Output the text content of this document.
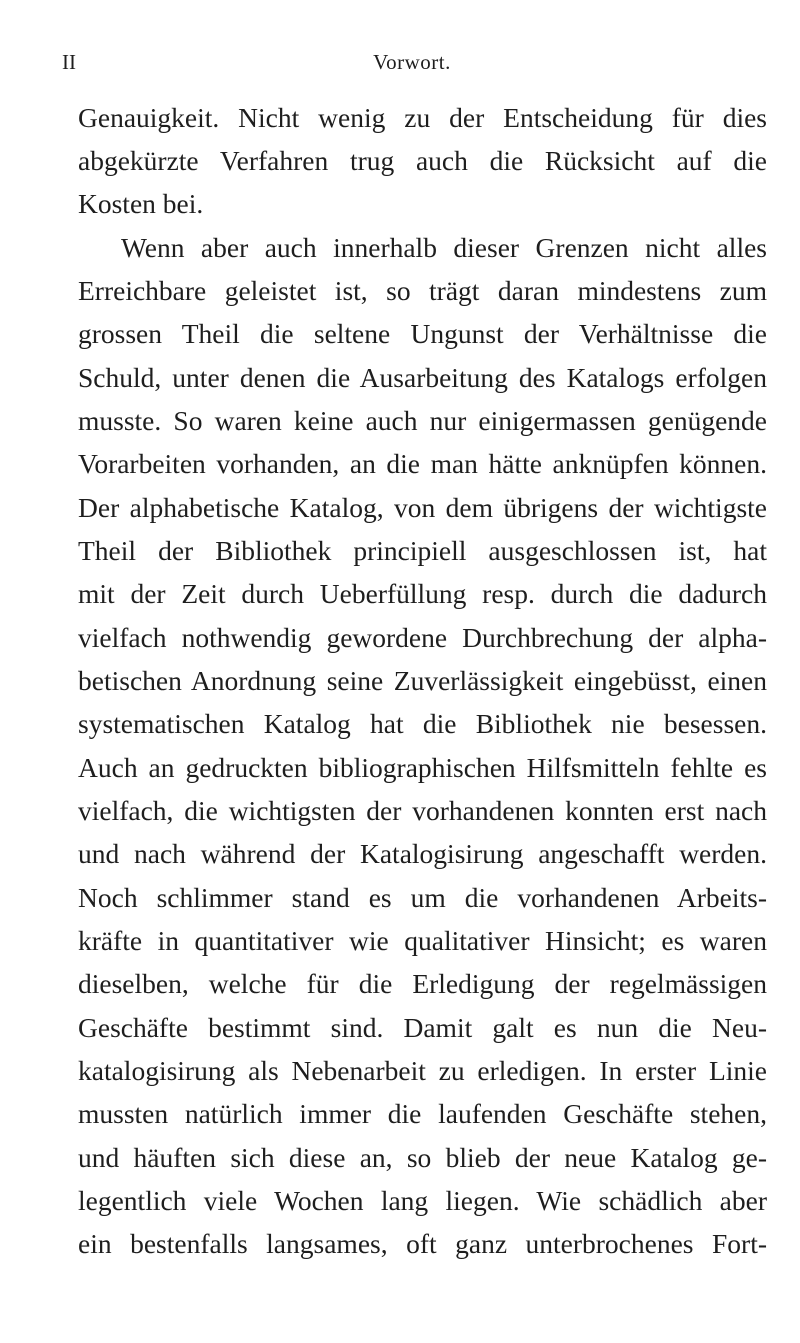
II	Vorwort.
Genauigkeit. Nicht wenig zu der Entscheidung für dies
abgekürzte Verfahren trug auch die Rücksicht auf die
Kosten bei.
Wenn aber auch innerhalb dieser Grenzen nicht alles
Erreichbare geleistet ist, so trägt daran mindestens zum
grossen Theil die seltene Ungunst der Verhältnisse die
Schuld, unter denen die Ausarbeitung des Katalogs erfolgen
musste. So waren keine auch nur einigermassen genügende
Vorarbeiten vorhanden, an die man hätte anknüpfen können.
Der alphabetische Katalog, von dem übrigens der wichtigste
Theil der Bibliothek principiell ausgeschlossen ist, hat
mit der Zeit durch Ueberfüllung resp. durch die dadurch
vielfach nothwendig gewordene Durchbrechung der alpha-
betischen Anordnung seine Zuverlässigkeit eingebüsst, einen
systematischen Katalog hat die Bibliothek nie besessen.
Auch an gedruckten bibliographischen Hilfsmitteln fehlte es
vielfach, die wichtigsten der vorhandenen konnten erst nach
und nach während der Katalogisirung angeschafft werden.
Noch schlimmer stand es um die vorhandenen Arbeits-
kräfte in quantitativer wie qualitativer Hinsicht; es waren
dieselben, welche für die Erledigung der regelmässigen
Geschäfte bestimmt sind. Damit galt es nun die Neu-
katalogisirung als Nebenarbeit zu erledigen. In erster Linie
mussten natürlich immer die laufenden Geschäfte stehen,
und häuften sich diese an, so blieb der neue Katalog ge-
legentlich viele Wochen lang liegen. Wie schädlich aber
ein bestenfalls langsames, oft ganz unterbrochenes Fort-
